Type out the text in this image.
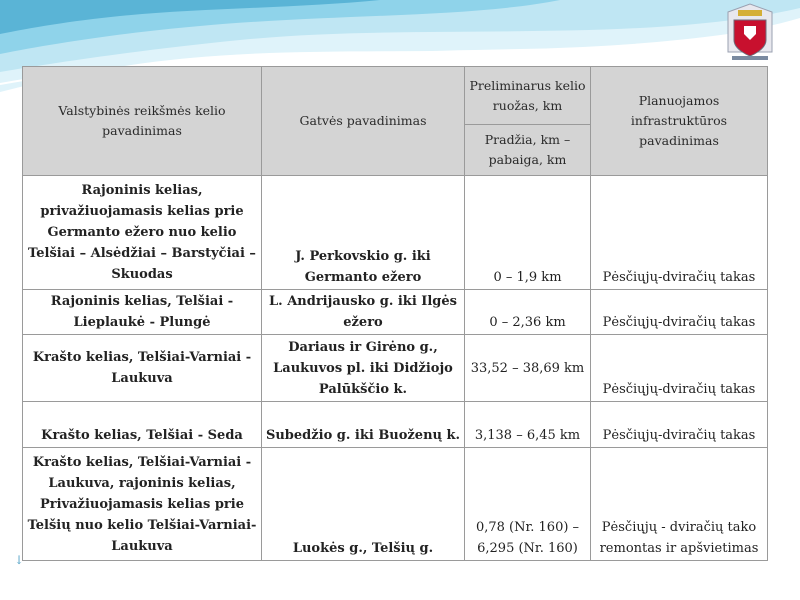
Valstybinės reikšmės kelio pavadinimas	Gatvės pavadinimas	Preliminarus kelio ruožas, km	Planuojamos infrastruktūros pavadinimas
		Pradžia, km – pabaiga, km	
Rajoninis kelias, privažiuojamasis kelias prie Germanto ežero nuo kelio Telšiai – Alsėdžiai – Barstyčiai – Skuodas	J. Perkovskio g. iki Germanto ežero	0 – 1,9 km	Pėsčiųjų-dviračių takas
Rajoninis kelias, Telšiai - Lieplaukė - Plungė	L. Andrijausko g. iki Ilgės ežero	0 – 2,36 km	Pėsčiųjų-dviračių takas
Krašto kelias, Telšiai-Varniai - Laukuva	Dariaus ir Girėno g., Laukuvos pl. iki Didžiojo Palūkščio k.	33,52 – 38,69 km	Pėsčiųjų-dviračių takas
Krašto kelias, Telšiai - Seda	Subedžio g. iki Buoženų k.	3,138 – 6,45 km	Pėsčiųjų-dviračių takas
Krašto kelias, Telšiai-Varniai - Laukuva, rajoninis kelias, Privažiuojamasis kelias prie Telšių nuo kelio Telšiai-Varniai-Laukuva	Luokės g., Telšių g.	0,78 (Nr. 160) – 6,295 (Nr. 160)	Pėsčiųjų - dviračių tako remontas ir apšvietimas
↓
